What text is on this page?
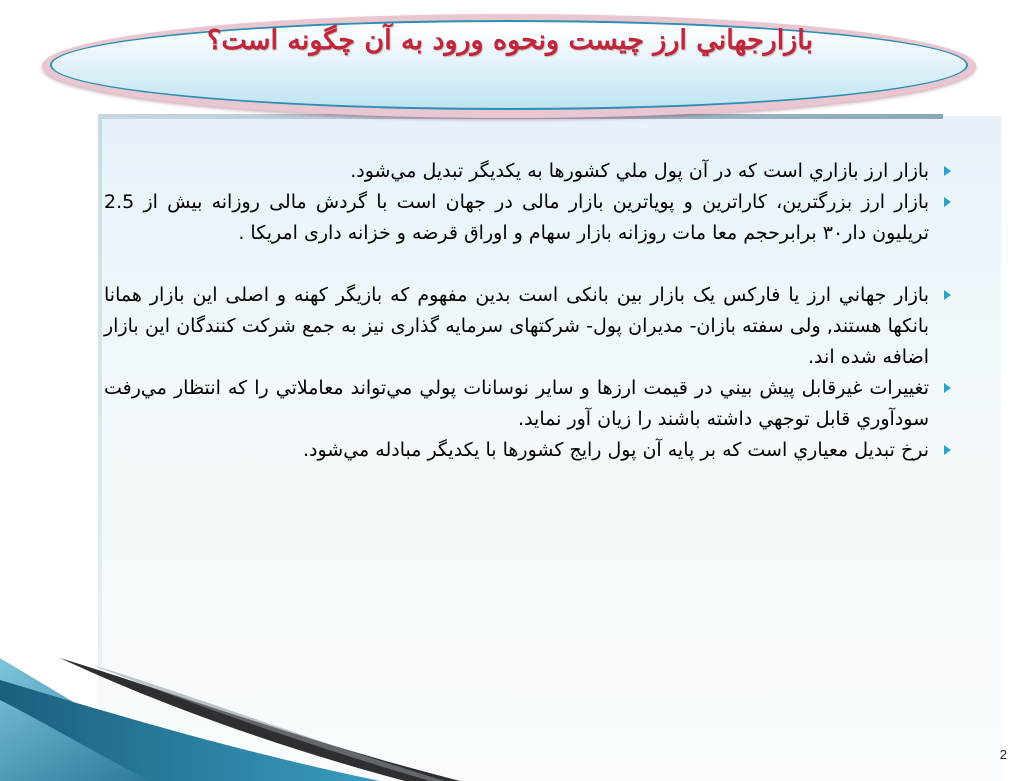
بازارجهاني ارز چيست ونحوه ورود به آن چگونه است؟
بازار ارز بازاري است كه در آن پول ملي كشورها به يكديگر تبديل مي‌شود.
بازار ارز بزرگترین، کاراترین و پویاترین بازار مالی در جهان است با گردش مالی روزانه بیش از 2.5 تریلیون دار۳۰ برابرحجم معا مات روزانه بازار سهام و اوراق قرضه و خزانه داری امریکا .
بازار جهاني ارز یا فارکس یک بازار بین بانکی است بدین مفهوم که بازیگر کهنه و اصلی این بازار همانا بانکها هستند, ولی سفته بازان- مدیران پول- شرکتهای سرمایه گذاری نیز به جمع شرکت کنندگان این بازار اضافه شده اند.
تغييرات غيرقابل پيش بيني در قيمت ارزها و ساير نوسانات پولي مي‌تواند معاملاتي را كه انتظار مي‌رفت سودآوري قابل توجهي داشته باشند را زيان آور نمايد.
نرخ تبديل معياري است كه بر پايه آن پول رايج كشورها با يكديگر مبادله مي‌شود.
2
